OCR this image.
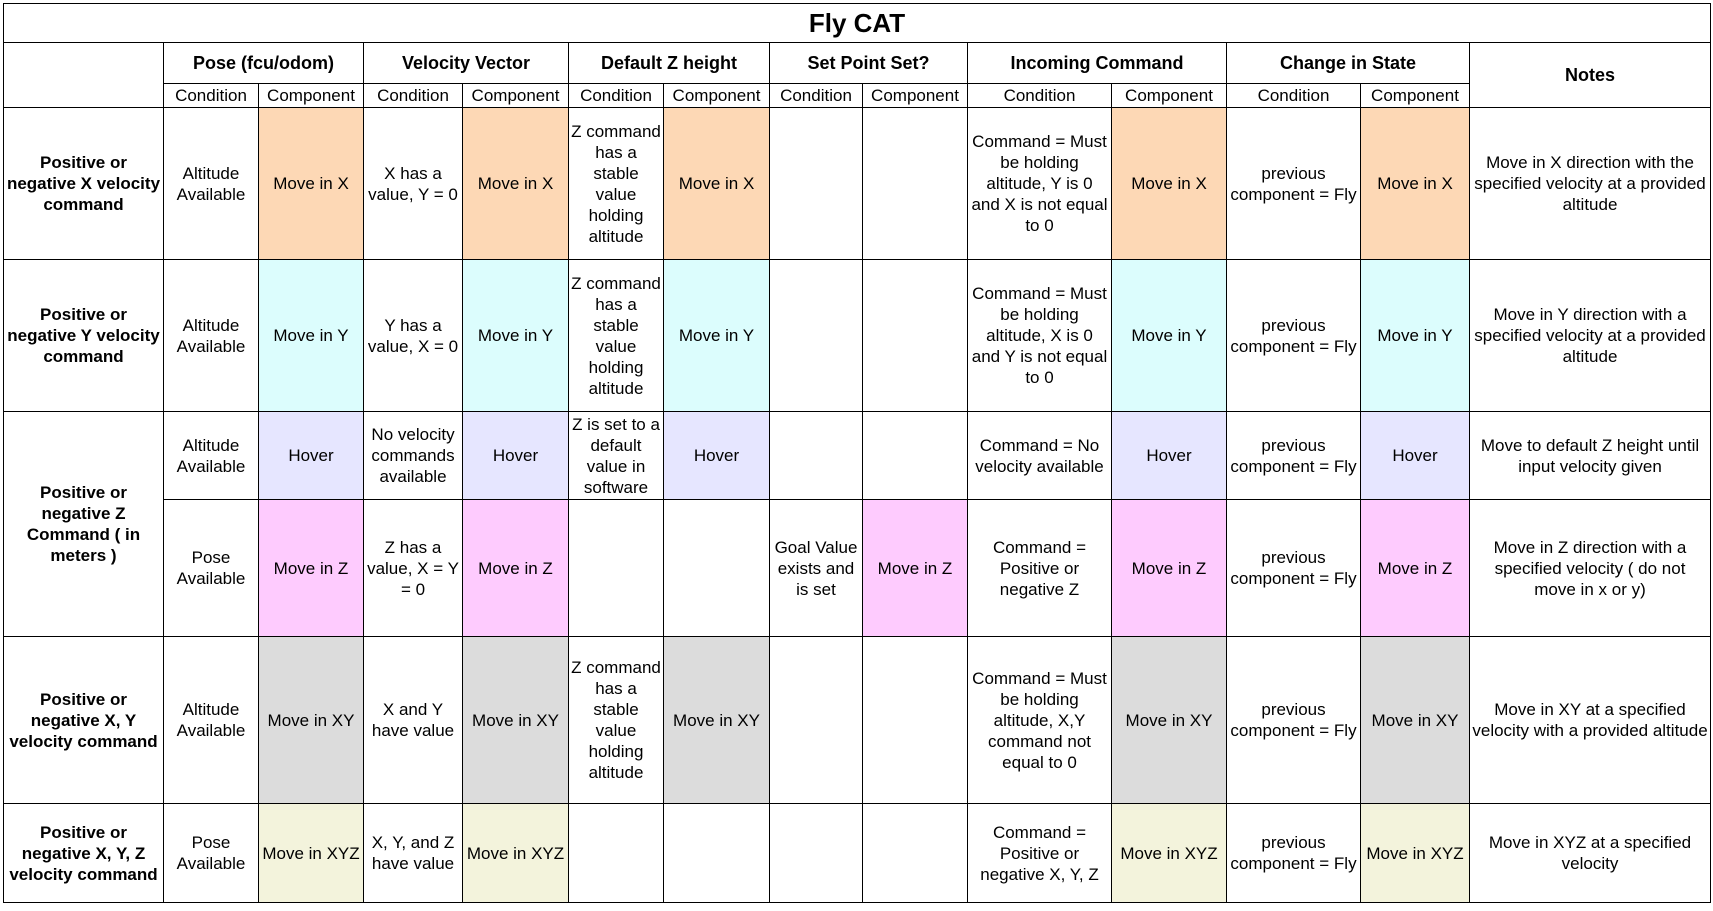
Fly CAT													
	Pose (fcu/odom)		Velocity Vector		Default Z height		Set Point Set?		Incoming Command		Change in State		Notes
	Condition	Component	Condition	Component	Condition	Component	Condition	Component	Condition	Component	Condition	Component	
Positive or negative X velocity command	Altitude Available	Move in X	X has a value, Y = 0	Move in X	Z command has a stable value holding altitude	Move in X			Command = Must be holding altitude, Y is 0 and X is not equal to 0	Move in X	previous component = Fly	Move in X	Move in X direction with the specified velocity at a provided altitude
Positive or negative Y velocity command	Altitude Available	Move in Y	Y has a value, X = 0	Move in Y	Z command has a stable value holding altitude	Move in Y			Command = Must be holding altitude, X is 0 and Y is not equal to 0	Move in Y	previous component = Fly	Move in Y	Move in Y direction with a specified velocity at a provided altitude
Positive or negative Z Command ( in meters )	Altitude Available	Hover	No velocity commands available	Hover	Z is set to a default value in software	Hover			Command = No velocity available	Hover	previous component = Fly	Hover	Move to default Z height until input velocity given
	Pose Available	Move in Z	Z has a value, X = Y = 0	Move in Z			Goal Value exists and is set	Move in Z	Command = Positive or negative Z	Move in Z	previous component = Fly	Move in Z	Move in Z direction with a specified velocity ( do not move in x or y)
Positive or negative X, Y velocity command	Altitude Available	Move in XY	X and Y have value	Move in XY	Z command has a stable value holding altitude	Move in XY			Command = Must be holding altitude, X,Y command not equal to 0	Move in XY	previous component = Fly	Move in XY	Move in XY at a specified velocity with a provided altitude
Positive or negative X, Y, Z velocity command	Pose Available	Move in XYZ	X, Y, and Z have value	Move in XYZ					Command = Positive or negative X, Y, Z	Move in XYZ	previous component = Fly	Move in XYZ	Move in XYZ at a specified velocity
